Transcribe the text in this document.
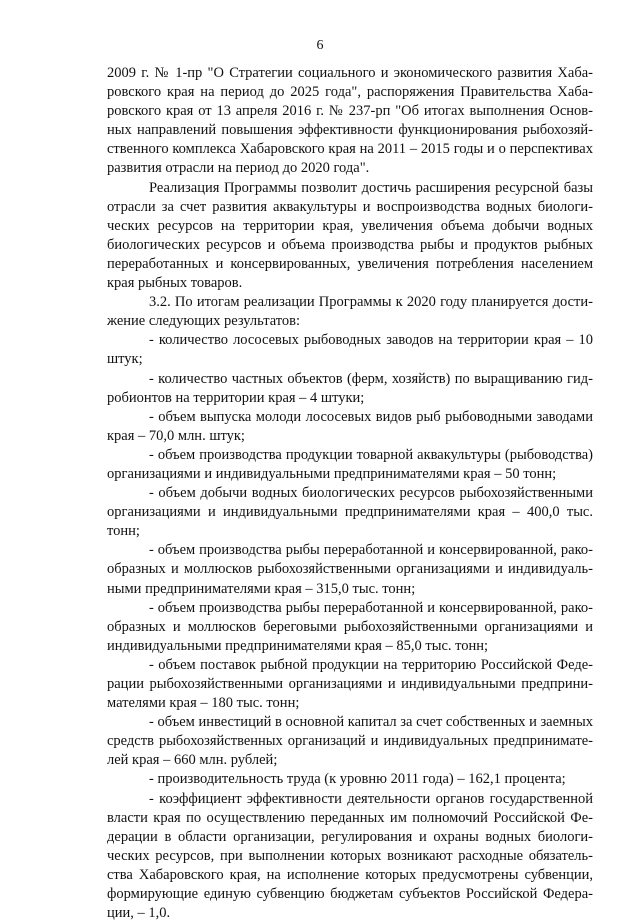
6

2009 г. № 1-пр "О Стратегии социального и экономического развития Хабаровского края на период до 2025 года", распоряжения Правительства Хабаровского края от 13 апреля 2016 г. № 237-рп "Об итогах выполнения Основных направлений повышения эффективности функционирования рыбохозяйственного комплекса Хабаровского края на 2011 – 2015 годы и о перспективах развития отрасли на период до 2020 года".

Реализация Программы позволит достичь расширения ресурсной базы отрасли за счет развития аквакультуры и воспроизводства водных биологических ресурсов на территории края, увеличения объема добычи водных биологических ресурсов и объема производства рыбы и продуктов рыбных переработанных и консервированных, увеличения потребления населением края рыбных товаров.

3.2. По итогам реализации Программы к 2020 году планируется достижение следующих результатов:

- количество лососевых рыбоводных заводов на территории края – 10 штук;

- количество частных объектов (ферм, хозяйств) по выращиванию гидробионтов на территории края – 4 штуки;

- объем выпуска молоди лососевых видов рыб рыбоводными заводами края – 70,0 млн. штук;

- объем производства продукции товарной аквакультуры (рыбоводства) организациями и индивидуальными предпринимателями края – 50 тонн;

- объем добычи водных биологических ресурсов рыбохозяйственными организациями и индивидуальными предпринимателями края – 400,0 тыс. тонн;

- объем производства рыбы переработанной и консервированной, ракообразных и моллюсков рыбохозяйственными организациями и индивидуальными предпринимателями края – 315,0 тыс. тонн;

- объем производства рыбы переработанной и консервированной, ракообразных и моллюсков береговыми рыбохозяйственными организациями и индивидуальными предпринимателями края – 85,0 тыс. тонн;

- объем поставок рыбной продукции на территорию Российской Федерации рыбохозяйственными организациями и индивидуальными предпринимателями края – 180 тыс. тонн;

- объем инвестиций в основной капитал за счет собственных и заемных средств рыбохозяйственных организаций и индивидуальных предпринимателей края – 660 млн. рублей;

- производительность труда (к уровню 2011 года) – 162,1 процента;

- коэффициент эффективности деятельности органов государственной власти края по осуществлению переданных им полномочий Российской Федерации в области организации, регулирования и охраны водных биологических ресурсов, при выполнении которых возникают расходные обязательства Хабаровского края, на исполнение которых предусмотрены субвенции, формирующие единую субвенцию бюджетам субъектов Российской Федерации, – 1,0.
